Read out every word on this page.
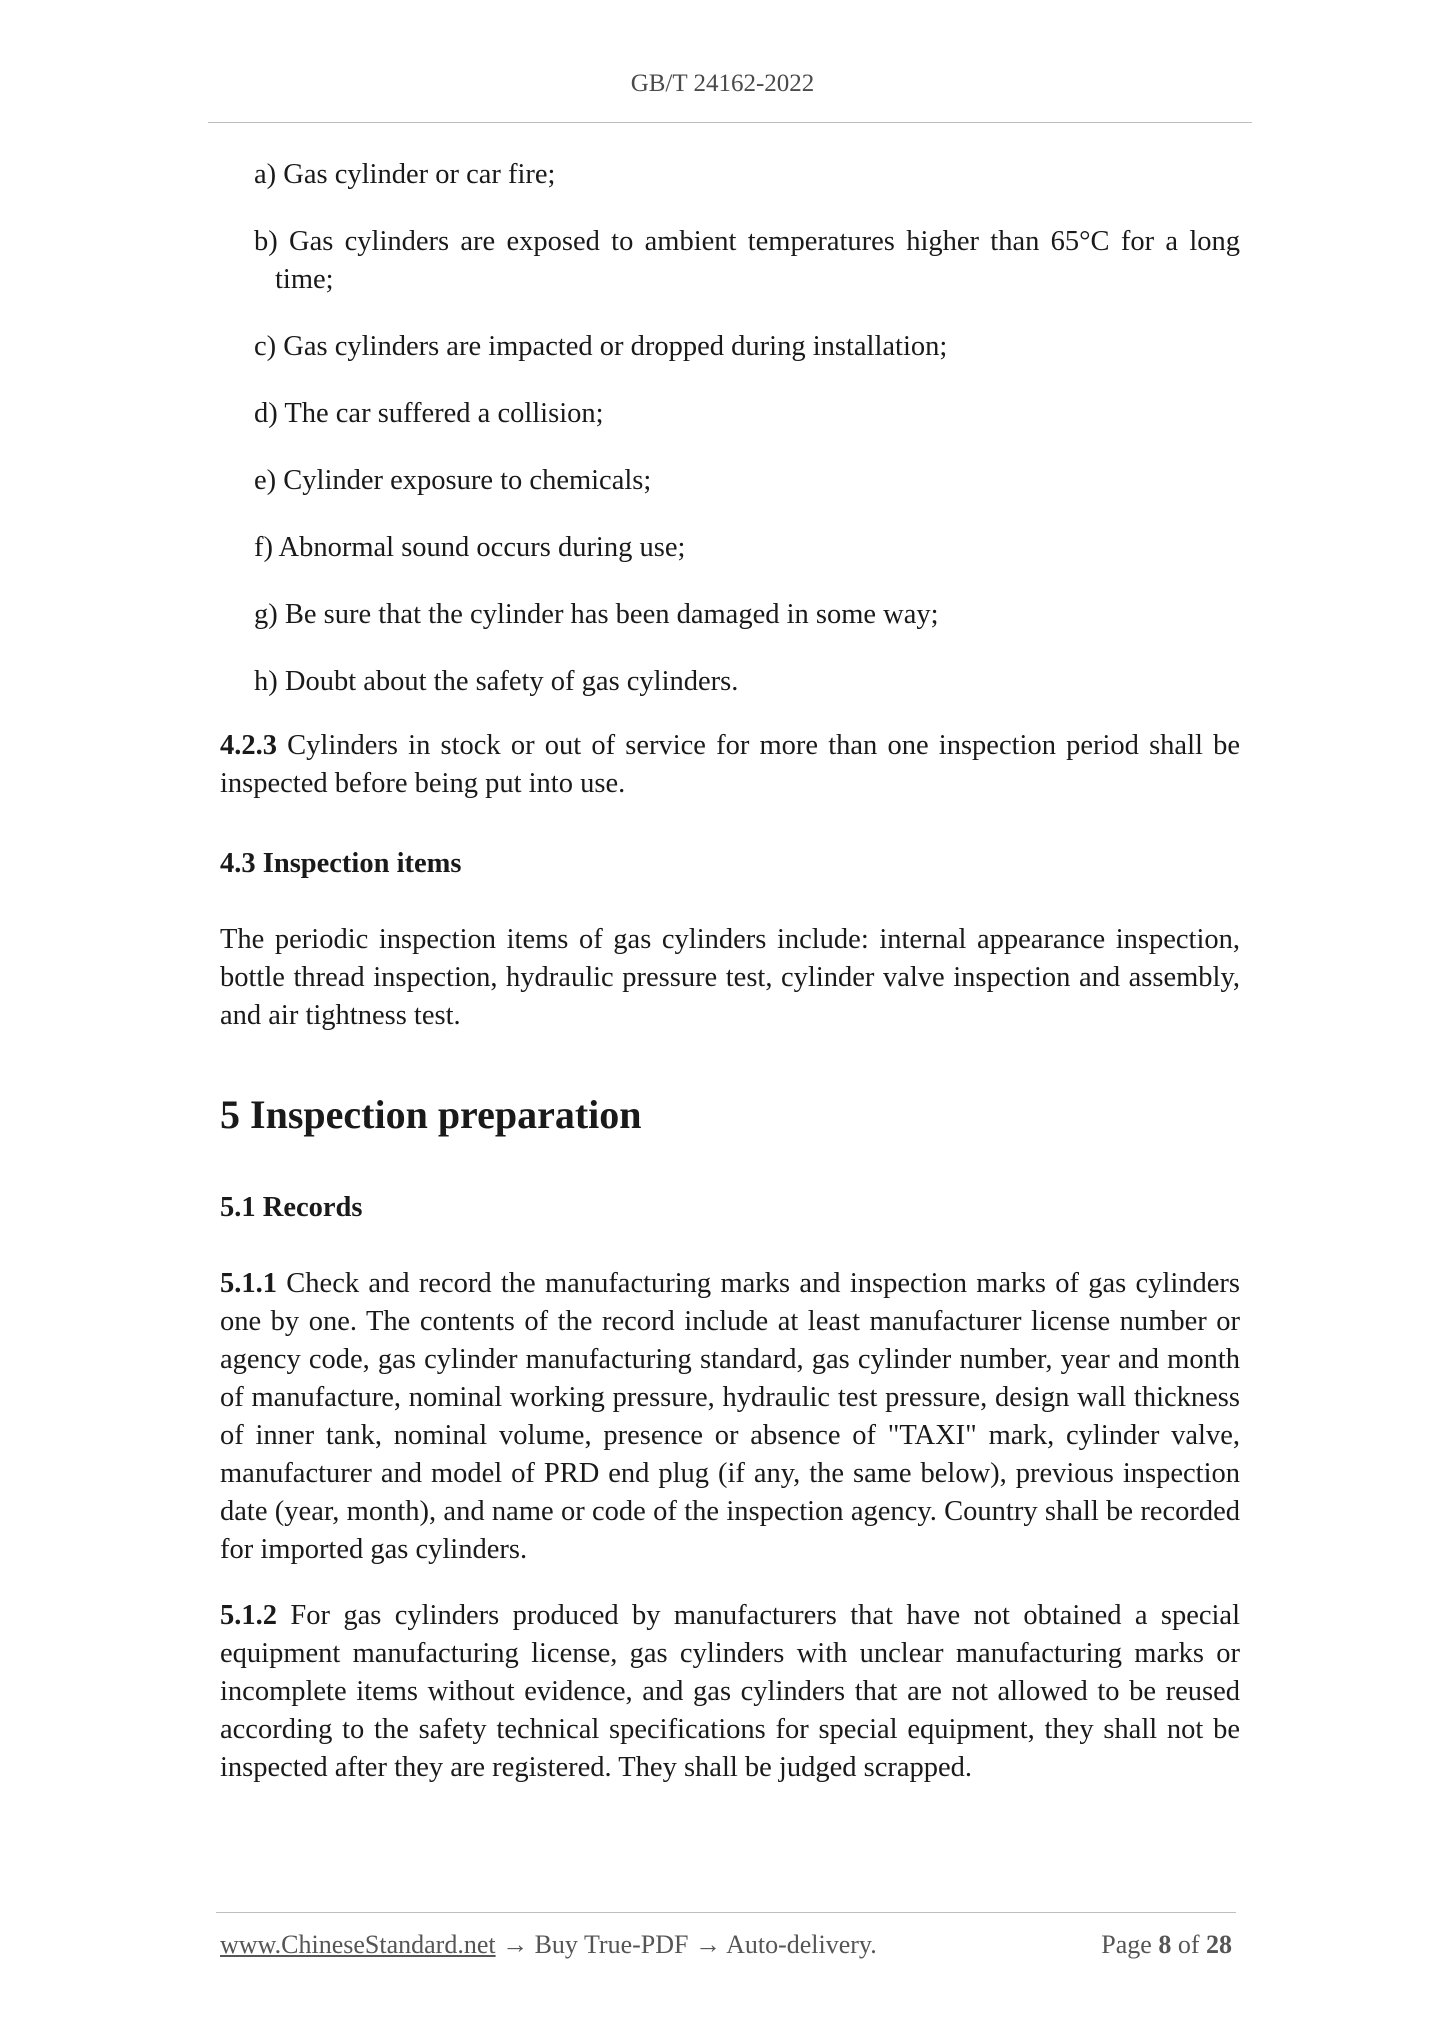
GB/T 24162-2022

a) Gas cylinder or car fire;

b) Gas cylinders are exposed to ambient temperatures higher than 65°C for a long time;

c) Gas cylinders are impacted or dropped during installation;

d) The car suffered a collision;

e) Cylinder exposure to chemicals;

f) Abnormal sound occurs during use;

g) Be sure that the cylinder has been damaged in some way;

h) Doubt about the safety of gas cylinders.

4.2.3 Cylinders in stock or out of service for more than one inspection period shall be inspected before being put into use.

4.3 Inspection items

The periodic inspection items of gas cylinders include: internal appearance inspection, bottle thread inspection, hydraulic pressure test, cylinder valve inspection and assembly, and air tightness test.

5 Inspection preparation

5.1 Records

5.1.1 Check and record the manufacturing marks and inspection marks of gas cylinders one by one. The contents of the record include at least manufacturer license number or agency code, gas cylinder manufacturing standard, gas cylinder number, year and month of manufacture, nominal working pressure, hydraulic test pressure, design wall thickness of inner tank, nominal volume, presence or absence of "TAXI" mark, cylinder valve, manufacturer and model of PRD end plug (if any, the same below), previous inspection date (year, month), and name or code of the inspection agency. Country shall be recorded for imported gas cylinders.

5.1.2 For gas cylinders produced by manufacturers that have not obtained a special equipment manufacturing license, gas cylinders with unclear manufacturing marks or incomplete items without evidence, and gas cylinders that are not allowed to be reused according to the safety technical specifications for special equipment, they shall not be inspected after they are registered. They shall be judged scrapped.

www.ChineseStandard.net → Buy True-PDF → Auto-delivery.	Page 8 of 28
